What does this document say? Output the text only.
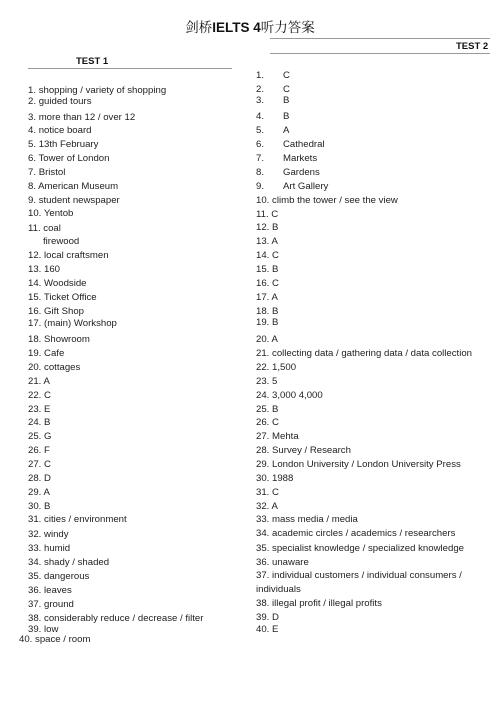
剑桥IELTS 4听力答案
TEST 2
TEST 1
1. shopping / variety of shopping
2. guided tours
3. more than 12 / over 12
4. notice board
5. 13th February
6. Tower of London
7. Bristol
8. American Museum
9. student newspaper
10. Yentob
11. coal
firewood
12. local craftsmen
13. 160
14. Woodside
15. Ticket Office
16. Gift Shop
17. (main) Workshop
18. Showroom
19. Cafe
20. cottages
21. A
22. C
23. E
24. B
25. G
26. F
27. C
28. D
29. A
30. B
31. cities / environment
32. windy
33. humid
34. shady / shaded
35. dangerous
36. leaves
37. ground
38. considerably reduce / decrease / filter
39. low
40. space / room
1. C
2. C
3. B
4. B
5. A
6. Cathedral
7. Markets
8. Gardens
9. Art Gallery
10. climb the tower / see the view
11. C
12. B
13. A
14. C
15. B
16. C
17. A
18. B
19. B
20. A
21. collecting data / gathering data / data collection
22. 1,500
23. 5
24. 3,000 4,000
25. B
26. C
27. Mehta
28. Survey / Research
29. London University / London University Press
30. 1988
31. C
32. A
33. mass media / media
34. academic circles / academics / researchers
35. specialist knowledge / specialized knowledge
36. unaware
37. individual customers / individual consumers /
individuals
38. illegal profit / illegal profits
39. D
40. E
